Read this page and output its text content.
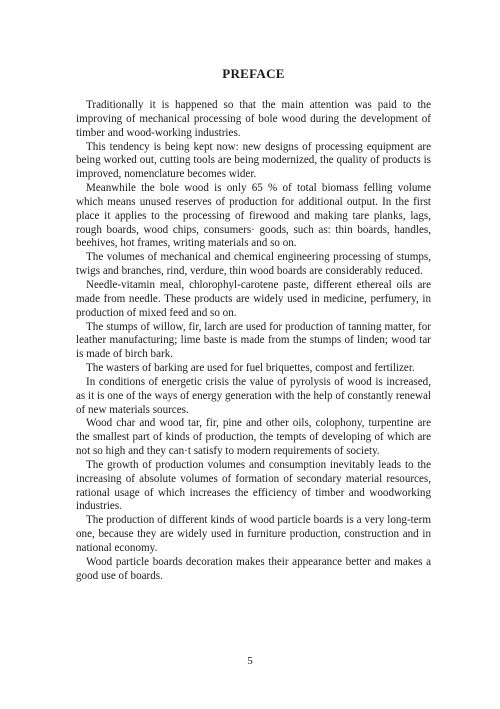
PREFACE

Traditionally it is happened so that the main attention was paid to the improving of mechanical processing of bole wood during the development of timber and wood-working industries.

This tendency is being kept now: new designs of processing equipment are being worked out, cutting tools are being modernized, the quality of products is improved, nomenclature becomes wider.

Meanwhile the bole wood is only 65 % of total biomass felling volume which means unused reserves of production for additional output. In the first place it applies to the processing of firewood and making tare planks, lags, rough boards, wood chips, consumers· goods, such as: thin boards, handles, beehives, hot frames, writing materials and so on.

The volumes of mechanical and chemical engineering processing of stumps, twigs and branches, rind, verdure, thin wood boards are considerably reduced.

Needle-vitamin meal, chlorophyl-carotene paste, different ethereal oils are made from needle. These products are widely used in medicine, perfumery, in production of mixed feed and so on.

The stumps of willow, fir, larch are used for production of tanning matter, for leather manufacturing; lime baste is made from the stumps of linden; wood tar is made of birch bark.

The wasters of barking are used for fuel briquettes, compost and fertilizer.

In conditions of energetic crisis the value of pyrolysis of wood is increased, as it is one of the ways of energy generation with the help of constantly renewal of new materials sources.

Wood char and wood tar, fir, pine and other oils, colophony, turpentine are the smallest part of kinds of production, the tempts of developing of which are not so high and they can·t satisfy to modern requirements of society.

The growth of production volumes and consumption inevitably leads to the increasing of absolute volumes of formation of secondary material resources, rational usage of which increases the efficiency of timber and woodworking industries.

The production of different kinds of wood particle boards is a very long-term one, because they are widely used in furniture production, construction and in national economy.

Wood particle boards decoration makes their appearance better and makes a good use of boards.

5
